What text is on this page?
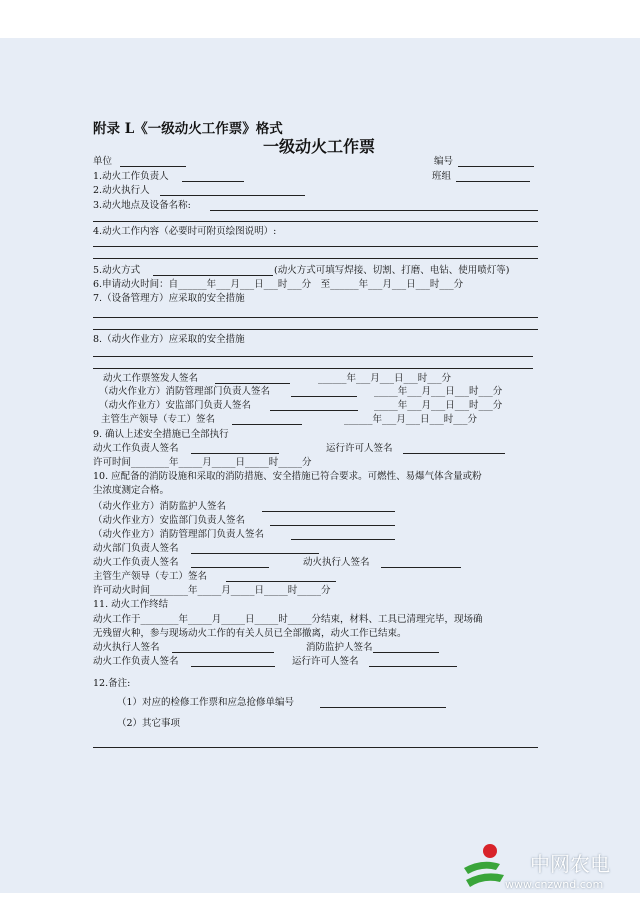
附录 L《一级动火工作票》格式
一级动火工作票
单位	编号
班组
1.动火工作负责人
2.动火执行人
3.动火地点及设备名称:
4.动火工作内容（必要时可附页绘图说明）:
5.动火方式	(动火方式可填写焊接、切割、打磨、电钻、使用喷灯等)
6.申请动火时间：自______年___月___日___时___分　至______年___月___日___时___分
7.（设备管理方）应采取的安全措施
8.（动火作业方）应采取的安全措施
动火工作票签发人签名	______年___月___日___时___分
（动火作业方）消防管理部门负责人签名	_____年___月___日___时___分
（动火作业方）安监部门负责人签名	_____年___月___日___时___分
主管生产领导（专工）签名	______年___月___日___时___分
9. 确认上述安全措施已全部执行
动火工作负责人签名	运行许可人签名
许可时间________年_____月_____日_____时_____分
10. 应配备的消防设施和采取的消防措施、安全措施已符合要求。可燃性、易爆气体含量或粉
尘浓度测定合格。
（动火作业方）消防监护人签名
（动火作业方）安监部门负责人签名
（动火作业方）消防管理部门负责人签名
动火部门负责人签名
动火工作负责人签名	动火执行人签名
主管生产领导（专工）签名
许可动火时间________年_____月_____日_____时_____分
11. 动火工作终结
动火工作于________年_____月_____日_____时_____分结束，材料、工具已清理完毕，现场确
无残留火种，参与现场动火工作的有关人员已全部撤离，动火工作已结束。
动火执行人签名	消防监护人签名
动火工作负责人签名	运行许可人签名
12.备注:
（1）对应的检修工作票和应急抢修单编号
（2）其它事项
中网农电
www.cnzwnd.com
